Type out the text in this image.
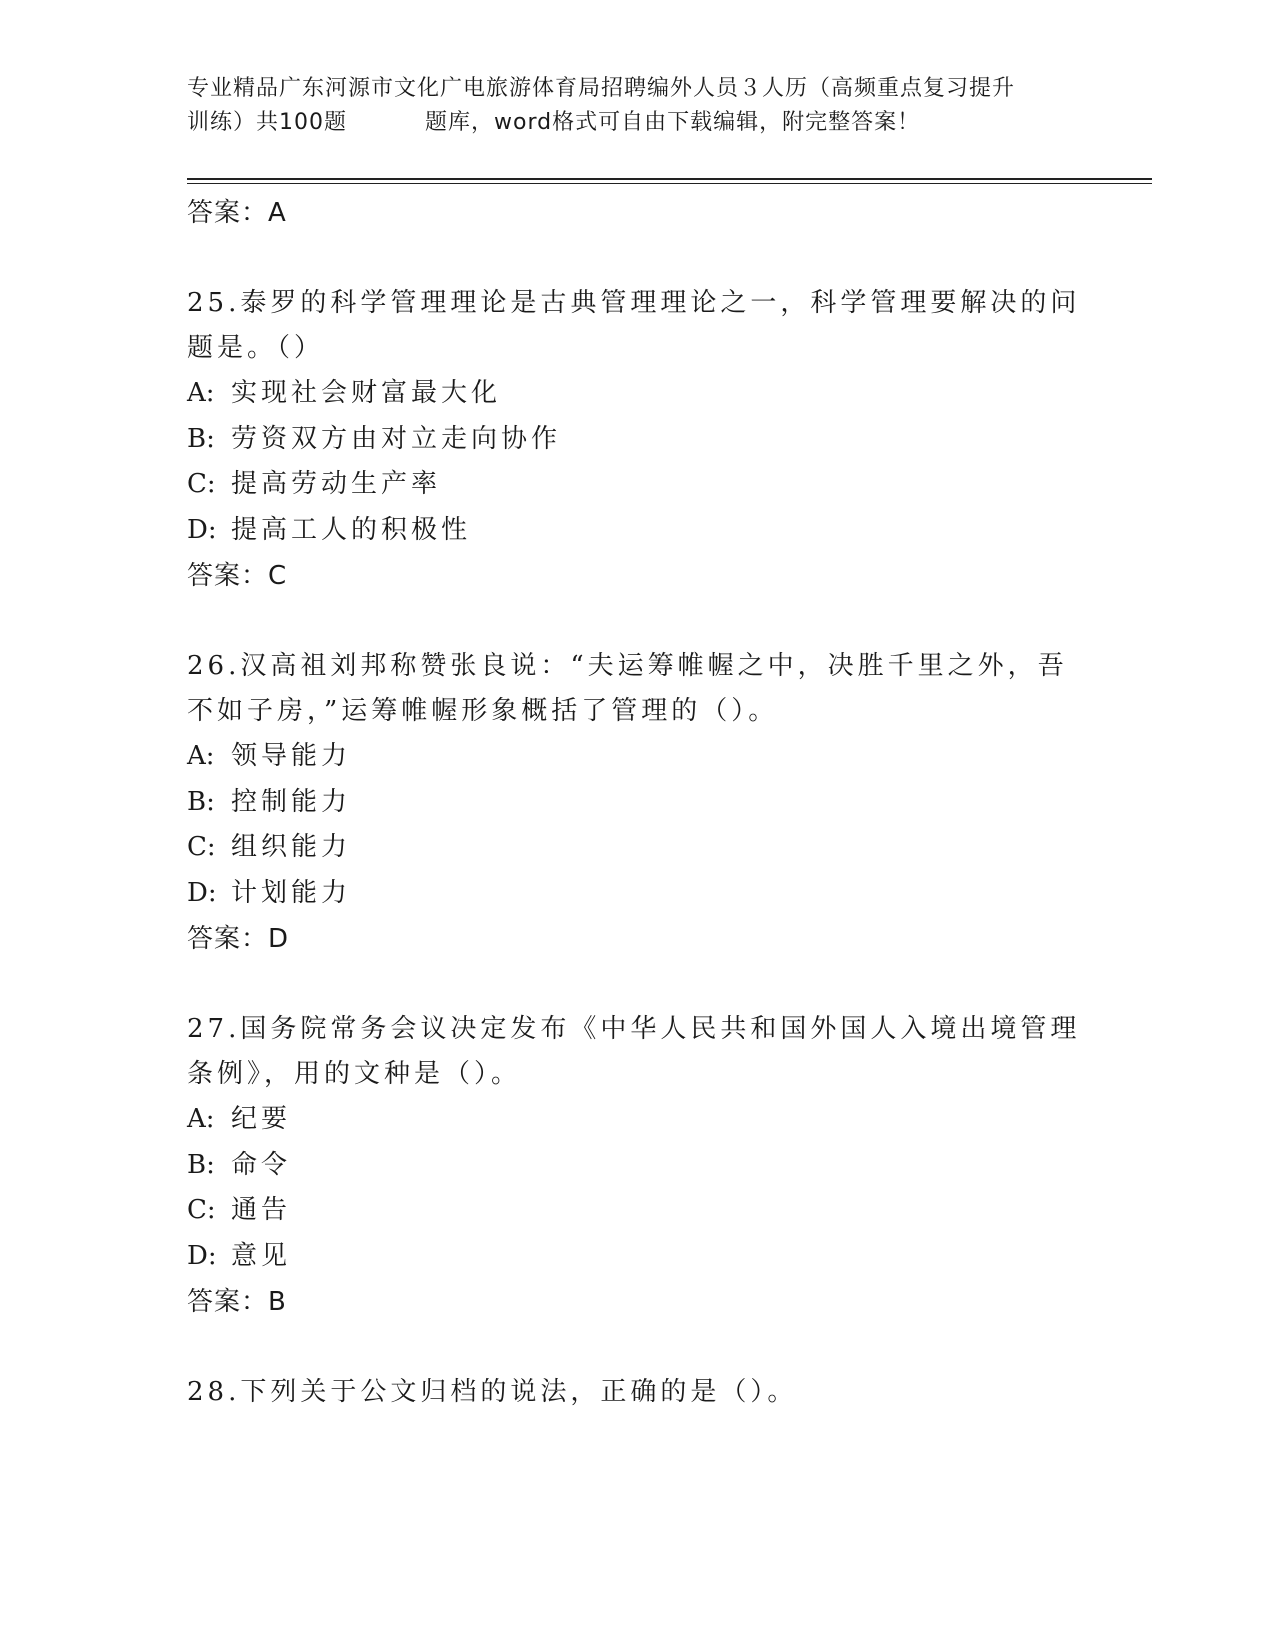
专业精品广东河源市文化广电旅游体育局招聘编外人员３人历（高频重点复习提升
训练）共100题	题库，word格式可自由下载编辑，附完整答案！
答案：A
25.泰罗的科学管理理论是古典管理理论之一，科学管理要解决的问题是。（）
A: 实现社会财富最大化
B: 劳资双方由对立走向协作
C: 提高劳动生产率
D: 提高工人的积极性
答案：C
26.汉高祖刘邦称赞张良说：“夫运筹帷幄之中，决胜千里之外，吾不如子房，”运筹帷幄形象概括了管理的（）。
A: 领导能力
B: 控制能力
C: 组织能力
D: 计划能力
答案：D
27.国务院常务会议决定发布《中华人民共和国外国人入境出境管理条例》，用的文种是（）。
A: 纪要
B: 命令
C: 通告
D: 意见
答案：B
28.下列关于公文归档的说法，正确的是（）。
